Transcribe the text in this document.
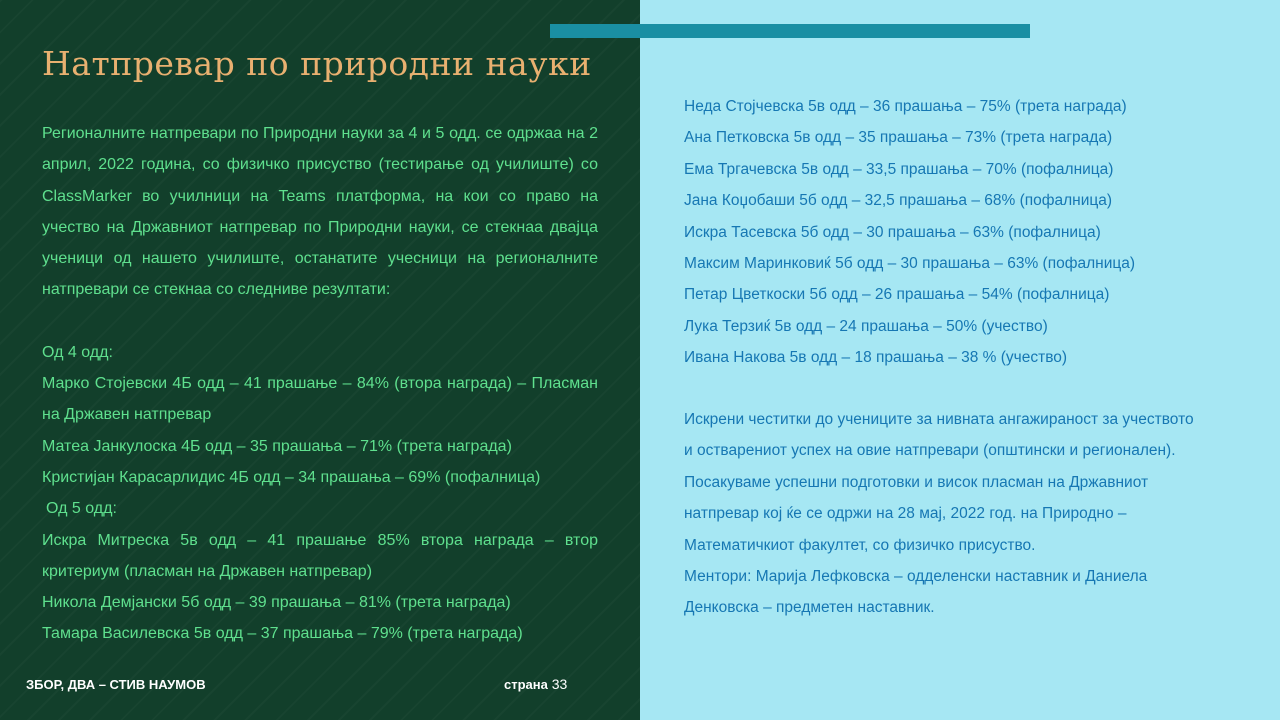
Натпревар по природни науки

Регионалните натпревари по Природни науки за 4 и 5 одд. се одржаа на 2 април, 2022 година, со физичко присуство (тестирање од училиште) со ClassMarker во училници на Teams платформа, на кои со право на учество на Државниот натпревар по Природни науки, се стекнаа двајца ученици од нашето училиште, останатите учесници на регионалните натпревари се стекнаа со следниве резултати:

Од 4 одд:

Марко Стојевски 4Б одд – 41 прашање – 84% (втора награда) – Пласман на Државен натпревар

Матеа Јанкулоска 4Б одд – 35 прашања – 71% (трета награда)

Кристијан Карасарлидис 4Б одд – 34 прашања – 69% (пофалница)

Од 5 одд:

Искра Митреска 5в одд – 41 прашање 85% втора награда – втор критериум (пласман на Државен натпревар)

Никола Демјански 5б одд – 39 прашања – 81% (трета награда)

Тамара Василевска 5в одд – 37 прашања – 79% (трета награда)

Неда Стојчевска 5в одд – 36 прашања – 75% (трета награда)

Ана Петковска 5в одд – 35 прашања – 73% (трета награда)

Ема Тргачевска 5в одд – 33,5 прашања – 70% (пофалница)

Јана Коџобаши 5б одд – 32,5 прашања – 68% (пофалница)

Искра Тасевска 5б одд – 30 прашања – 63% (пофалница)

Максим Маринковиќ 5б одд – 30 прашања – 63% (пофалница)

Петар Цветкоски 5б одд – 26 прашања – 54% (пофалница)

Лука Терзиќ 5в одд – 24 прашања – 50% (учество)

Ивана Накова 5в одд – 18 прашања – 38 % (учество)

Искрени честитки до учениците за нивната ангажираност за учеството и остварениот успех на овие натпревари (општински и регионален). Посакуваме успешни подготовки и висок пласман на Државниот натпревар кој ќе се одржи на 28 мај, 2022 год. на Природно – Математичкиот факултет, со физичко присуство.

Ментори: Марија Лефковска – одделенски наставник и Даниела Денковска – предметен наставник.

ЗБОР, ДВА – СТИВ НАУМОВ	страна 33
